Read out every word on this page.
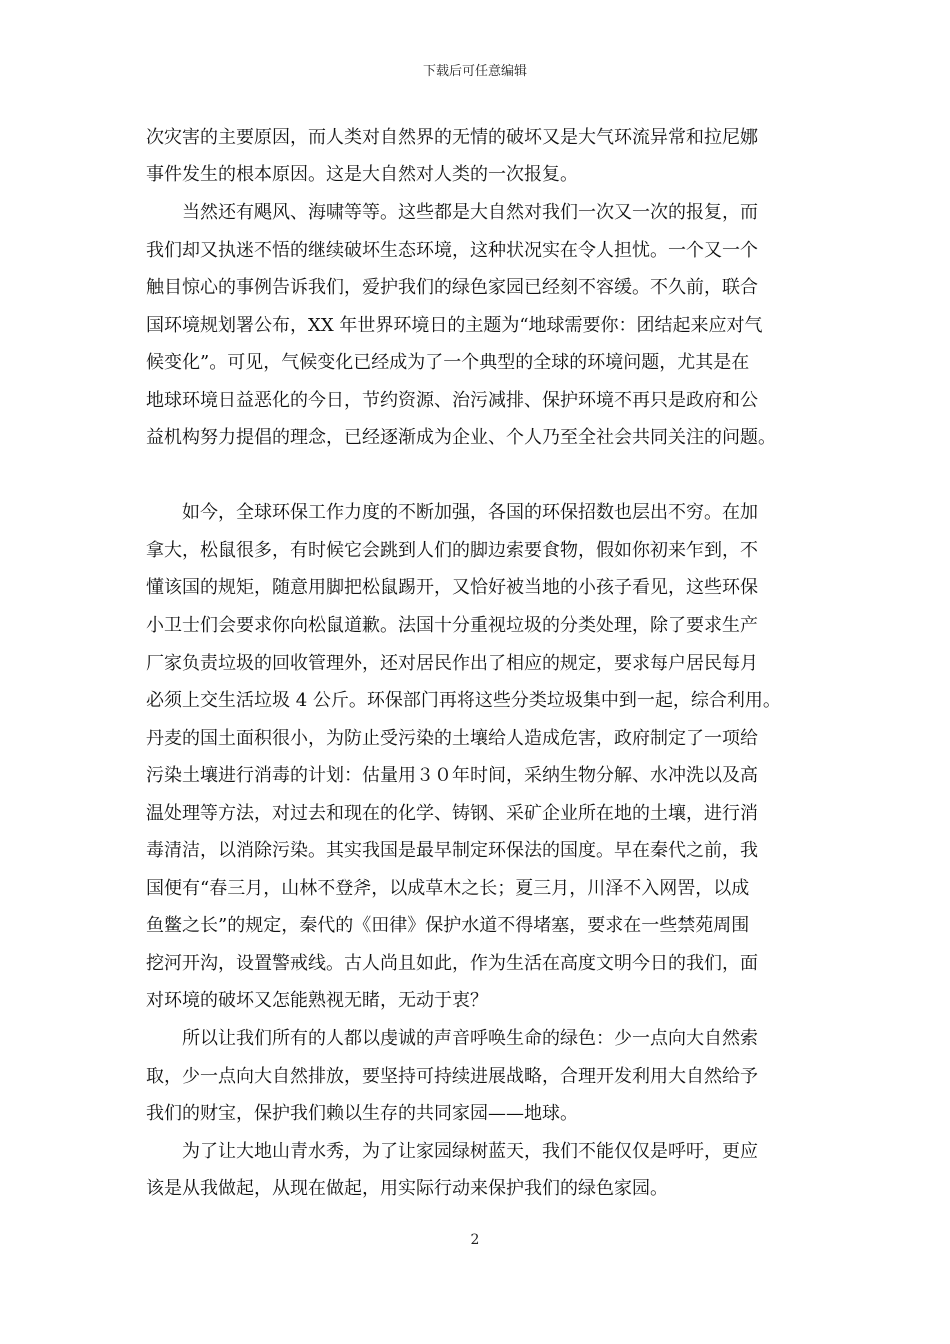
下载后可任意编辑
次灾害的主要原因，而人类对自然界的无情的破坏又是大气环流异常和拉尼娜
事件发生的根本原因。这是大自然对人类的一次报复。
　　当然还有飓风、海啸等等。这些都是大自然对我们一次又一次的报复，而
我们却又执迷不悟的继续破坏生态环境，这种状况实在令人担忧。一个又一个
触目惊心的事例告诉我们，爱护我们的绿色家园已经刻不容缓。不久前，联合
国环境规划署公布，XX 年世界环境日的主题为“地球需要你：团结起来应对气
候变化”。可见，气候变化已经成为了一个典型的全球的环境问题，尤其是在
地球环境日益恶化的今日，节约资源、治污减排、保护环境不再只是政府和公
益机构努力提倡的理念，已经逐渐成为企业、个人乃至全社会共同关注的问题。
　　如今，全球环保工作力度的不断加强，各国的环保招数也层出不穷。在加
拿大，松鼠很多，有时候它会跳到人们的脚边索要食物，假如你初来乍到，不
懂该国的规矩，随意用脚把松鼠踢开，又恰好被当地的小孩子看见，这些环保
小卫士们会要求你向松鼠道歉。法国十分重视垃圾的分类处理，除了要求生产
厂家负责垃圾的回收管理外，还对居民作出了相应的规定，要求每户居民每月
必须上交生活垃圾 4 公斤。环保部门再将这些分类垃圾集中到一起，综合利用。
丹麦的国土面积很小，为防止受污染的土壤给人造成危害，政府制定了一项给
污染土壤进行消毒的计划：估量用３０年时间，采纳生物分解、水冲洗以及高
温处理等方法，对过去和现在的化学、铸钢、采矿企业所在地的土壤，进行消
毒清洁，以消除污染。其实我国是最早制定环保法的国度。早在秦代之前，我
国便有“春三月，山林不登斧，以成草木之长；夏三月，川泽不入网罟，以成
鱼鳖之长”的规定，秦代的《田律》保护水道不得堵塞，要求在一些禁苑周围
挖河开沟，设置警戒线。古人尚且如此，作为生活在高度文明今日的我们，面
对环境的破坏又怎能熟视无睹，无动于衷？
　　所以让我们所有的人都以虔诚的声音呼唤生命的绿色：少一点向大自然索
取，少一点向大自然排放，要坚持可持续进展战略，合理开发利用大自然给予
我们的财宝，保护我们赖以生存的共同家园——地球。
　　为了让大地山青水秀，为了让家园绿树蓝天，我们不能仅仅是呼吁，更应
该是从我做起，从现在做起，用实际行动来保护我们的绿色家园。
2
